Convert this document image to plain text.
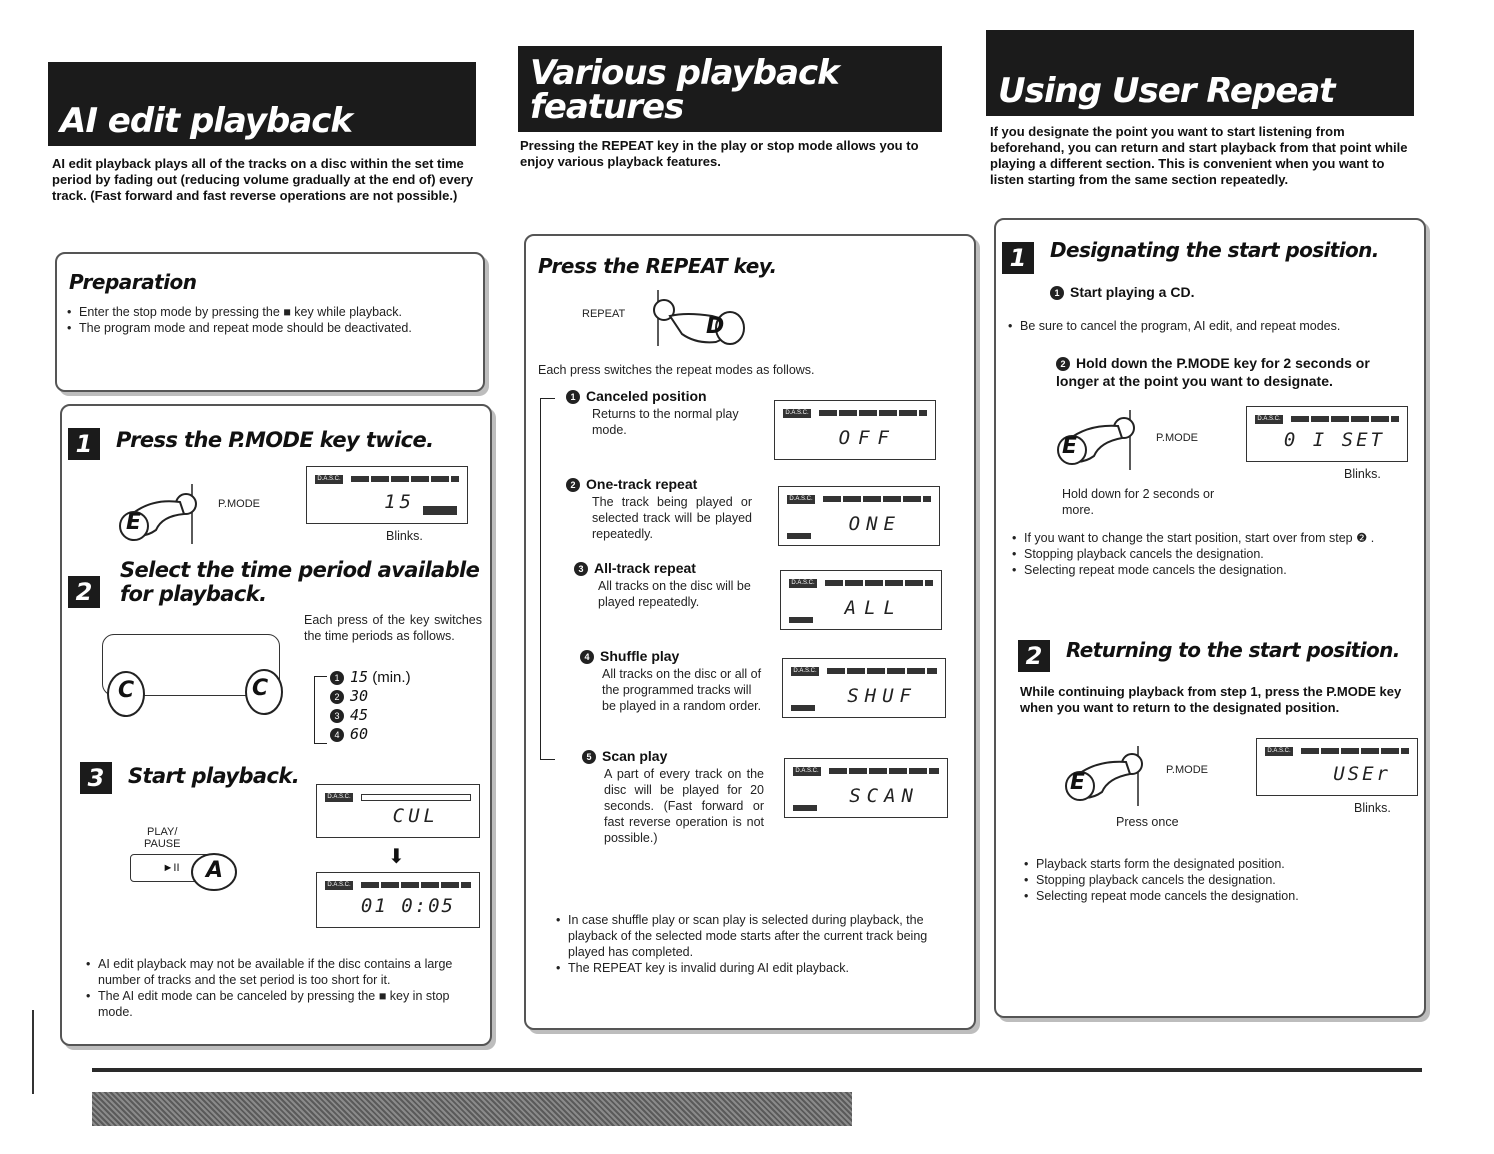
AI edit playback
AI edit playback plays all of the tracks on a disc within the set time period by fading out (reducing volume gradually at the end of) every track. (Fast forward and fast reverse operations are not possible.)
Preparation
• Enter the stop mode by pressing the ■ key while playback.
• The program mode and repeat mode should be deactivated.
1	Press the P.MODE key twice.
E
P.MODE
D.A.S.C.
15
Blinks.
2
Select the time period available for playback.
C	C
Each press of the key switches the time periods as follows.
1 15 (min.)
2 30
3 45
4 60
3	Start playback.
PLAY/
PAUSE
►II	A
D.A.S.C.
CUL
⬇
D.A.S.C.
01 0:05
• AI edit playback may not be available if the disc contains a large number of tracks and the set period is too short for it.
• The AI edit mode can be canceled by pressing the ■ key in stop mode.
Various playback features
Pressing the REPEAT key in the play or stop mode allows you to enjoy various playback features.
Press the REPEAT key.
REPEAT	D
Each press switches the repeat modes as follows.
1 Canceled position
Returns to the normal play mode.
D.A.S.C.
OFF
2 One-track repeat
The track being played or selected track will be played repeatedly.
D.A.S.C.
ONE
3 All-track repeat
All tracks on the disc will be played repeatedly.
D.A.S.C.
ALL
4 Shuffle play
All tracks on the disc or all of the programmed tracks will be played in a random order.
D.A.S.C.
SHUF
5 Scan play
A part of every track on the disc will be played for 20 seconds. (Fast forward or fast reverse operation is not possible.)
D.A.S.C.
SCAN
• In case shuffle play or scan play is selected during playback, the playback of the selected mode starts after the current track being played has completed.
• The REPEAT key is invalid during AI edit playback.
Using User Repeat
If you designate the point you want to start listening from beforehand, you can return and start playback from that point while playing a different section. This is convenient when you want to listen starting from the same section repeatedly.
1	Designating the start position.
1 Start playing a CD.
• Be sure to cancel the program, AI edit, and repeat modes.
2 Hold down the P.MODE key for 2 seconds or longer at the point you want to designate.
E	P.MODE
D.A.S.C.
0 I SET
Blinks.
Hold down for 2 seconds or more.
• If you want to change the start position, start over from step ❷ .
• Stopping playback cancels the designation.
• Selecting repeat mode cancels the designation.
2	Returning to the start position.
While continuing playback from step 1, press the P.MODE key when you want to return to the designated position.
E	P.MODE
Press once
D.A.S.C.
USEr
Blinks.
• Playback starts form the designated position.
• Stopping playback cancels the designation.
• Selecting repeat mode cancels the designation.
